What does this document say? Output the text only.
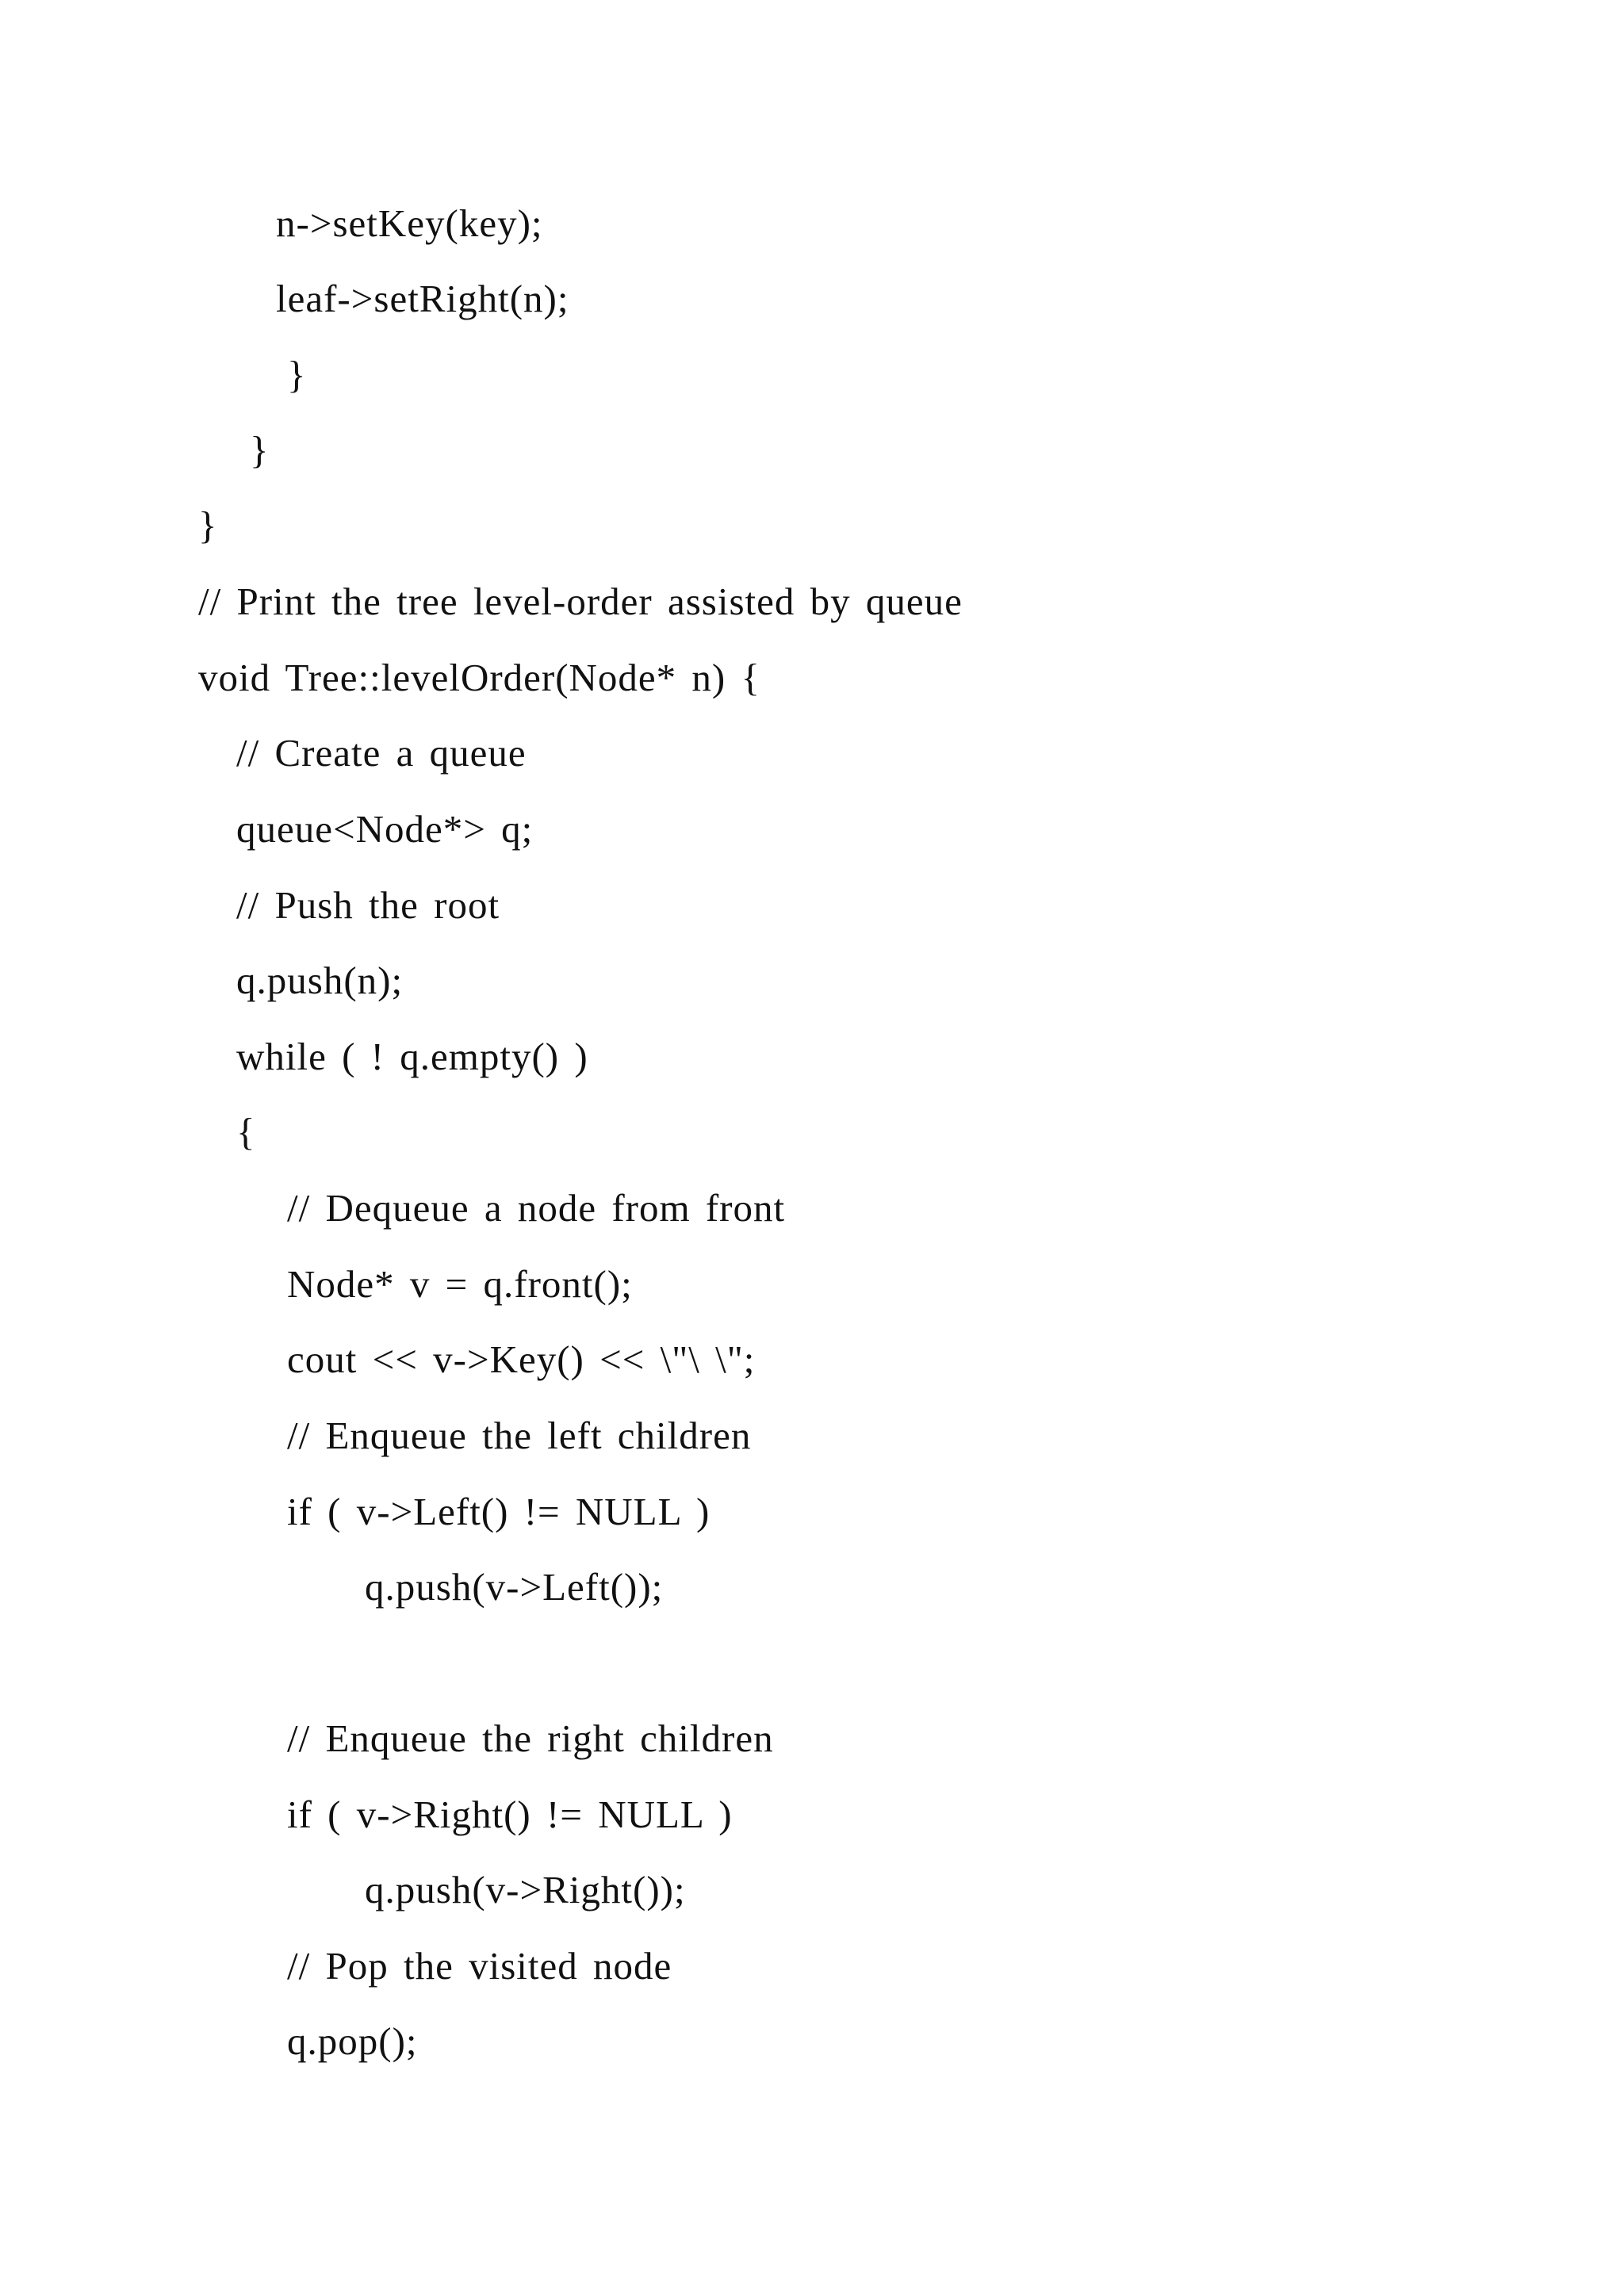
n->setKey(key);
leaf->setRight(n);
}
}
}
// Print the tree level-order assisted by queue
void Tree::levelOrder(Node* n) {
// Create a queue
queue<Node*> q;
// Push the root
q.push(n);
while ( ! q.empty() )
{
// Dequeue a node from front
Node* v = q.front();
cout << v->Key() << \"\ \";
// Enqueue the left children
if ( v->Left() != NULL )
q.push(v->Left());
// Enqueue the right children
if ( v->Right() != NULL )
q.push(v->Right());
// Pop the visited node
q.pop();
